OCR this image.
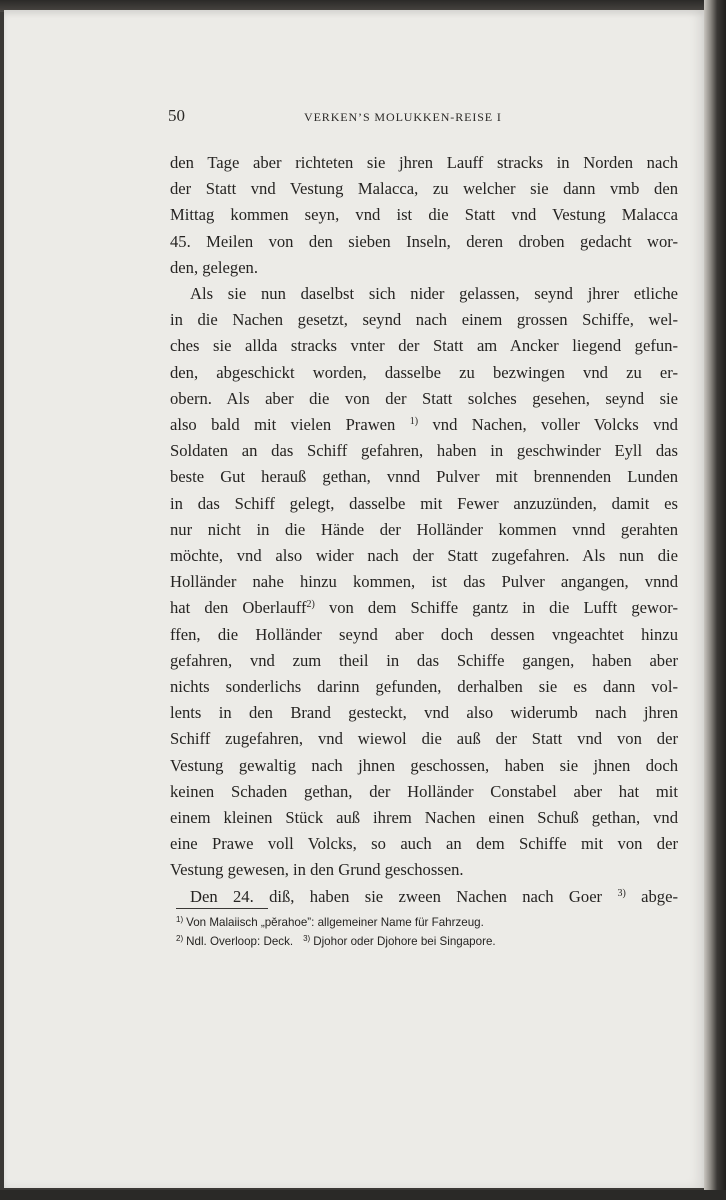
50	VERKEN’S MOLUKKEN-REISE I
den Tage aber richteten sie jhren Lauff stracks in Norden nach
der Statt vnd Vestung Malacca, zu welcher sie dann vmb den
Mittag kommen seyn, vnd ist die Statt vnd Vestung Malacca
45. Meilen von den sieben Inseln, deren droben gedacht wor-
den, gelegen.
Als sie nun daselbst sich nider gelassen, seynd jhrer etliche
in die Nachen gesetzt, seynd nach einem grossen Schiffe, wel-
ches sie allda stracks vnter der Statt am Ancker liegend gefun-
den, abgeschickt worden, dasselbe zu bezwingen vnd zu er-
obern. Als aber die von der Statt solches gesehen, seynd sie
also bald mit vielen Prawen $^{1)}$ vnd Nachen, voller Volcks vnd
Soldaten an das Schiff gefahren, haben in geschwinder Eyll das
beste Gut herauß gethan, vnnd Pulver mit brennenden Lunden
in das Schiff gelegt, dasselbe mit Fewer anzuzünden, damit es
nur nicht in die Hände der Holländer kommen vnnd gerahten
möchte, vnd also wider nach der Statt zugefahren. Als nun die
Holländer nahe hinzu kommen, ist das Pulver angangen, vnnd
hat den Oberlauff$^{2)}$ von dem Schiffe gantz in die Lufft gewor-
ffen, die Holländer seynd aber doch dessen vngeachtet hinzu
gefahren, vnd zum theil in das Schiffe gangen, haben aber
nichts sonderlichs darinn gefunden, derhalben sie es dann vol-
lents in den Brand gesteckt, vnd also widerumb nach jhren
Schiff zugefahren, vnd wiewol die auß der Statt vnd von der
Vestung gewaltig nach jhnen geschossen, haben sie jhnen doch
keinen Schaden gethan, der Holländer Constabel aber hat mit
einem kleinen Stück auß ihrem Nachen einen Schuß gethan, vnd
eine Prawe voll Volcks, so auch an dem Schiffe mit von der
Vestung gewesen, in den Grund geschossen.
Den 24. diß, haben sie zween Nachen nach Goer $^{3)}$ abge-
$^{1)}$ Von Malaiisch „pĕrahoe”: allgemeiner Name für Fahrzeug.
$^{2)}$ Ndl. Overloop: Deck. $^{3)}$ Djohor oder Djohore bei Singapore.
